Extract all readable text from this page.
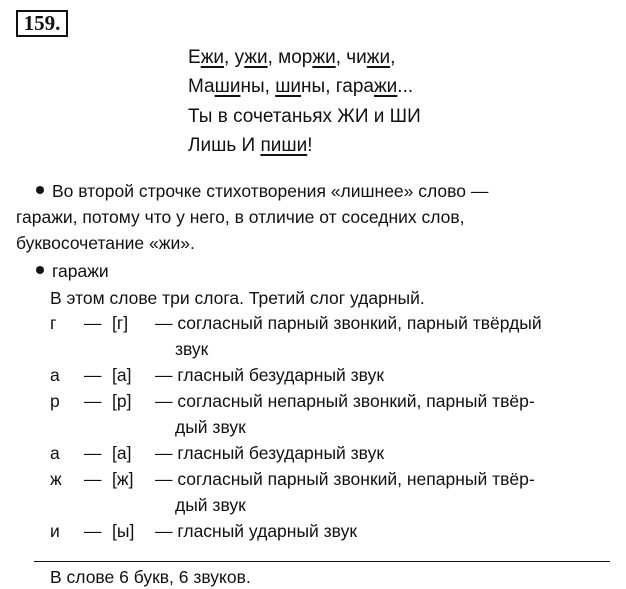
159.
Ежи, ужи, моржи, чижи,
Машины, шины, гаражи...
Ты в сочетаньях ЖИ и ШИ
Лишь И пиши!
Во второй строчке стихотворения «лишнее» слово —
гаражи, потому что у него, в отличие от соседних слов,
буквосочетание «жи».
гаражи
В этом слове три слога. Третий слог ударный.
г — [г] — согласный парный звонкий, парный твёрдый
звук
а — [а] — гласный безударный звук
р — [р] — согласный непарный звонкий, парный твёр-
дый звук
а — [а] — гласный безударный звук
ж — [ж] — согласный парный звонкий, непарный твёр-
дый звук
и — [ы] — гласный ударный звук
В слове 6 букв, 6 звуков.
